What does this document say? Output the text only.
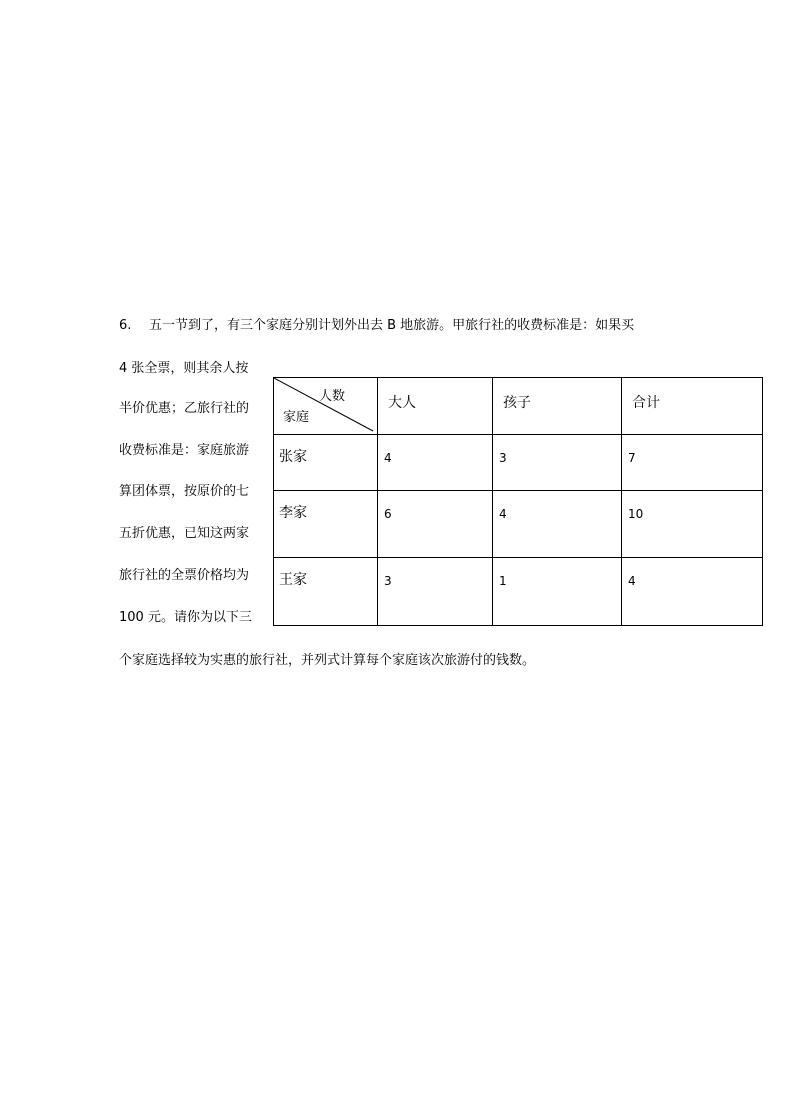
6. 五一节到了，有三个家庭分别计划外出去 B 地旅游。甲旅行社的收费标准是：如果买
4 张全票，则其余人按
半价优惠；乙旅行社的
收费标准是：家庭旅游
算团体票，按原价的七
五折优惠，已知这两家
旅行社的全票价格均为
100 元。请你为以下三
个家庭选择较为实惠的旅行社，并列式计算每个家庭该次旅游付的钱数。
人数
家庭	大人	孩子	合计
张家	4	3	7
李家	6	4	10
王家	3	1	4
